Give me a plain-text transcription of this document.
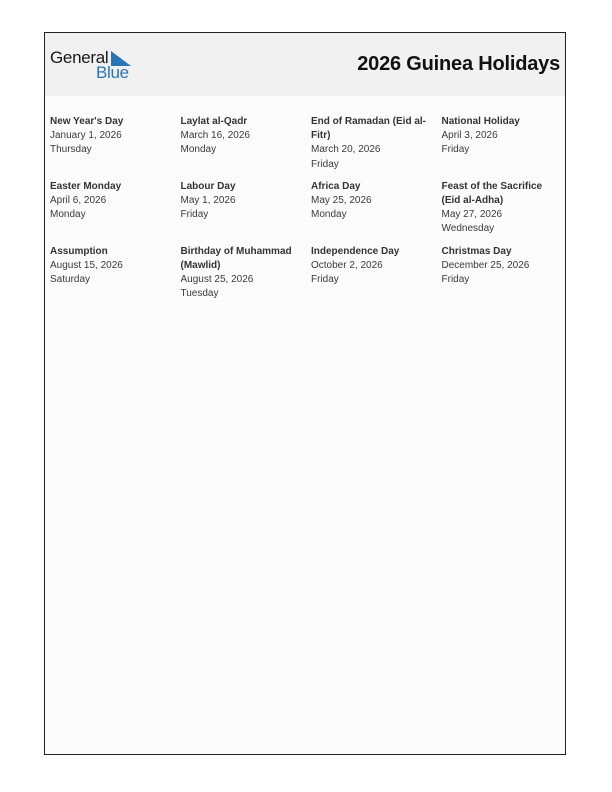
General
Blue	2026 Guinea Holidays
New Year's Day
January 1, 2026
Thursday
Laylat al-Qadr
March 16, 2026
Monday
End of Ramadan (Eid al-Fitr)
March 20, 2026
Friday
National Holiday
April 3, 2026
Friday
Easter Monday
April 6, 2026
Monday
Labour Day
May 1, 2026
Friday
Africa Day
May 25, 2026
Monday
Feast of the Sacrifice (Eid al-Adha)
May 27, 2026
Wednesday
Assumption
August 15, 2026
Saturday
Birthday of Muhammad (Mawlid)
August 25, 2026
Tuesday
Independence Day
October 2, 2026
Friday
Christmas Day
December 25, 2026
Friday
